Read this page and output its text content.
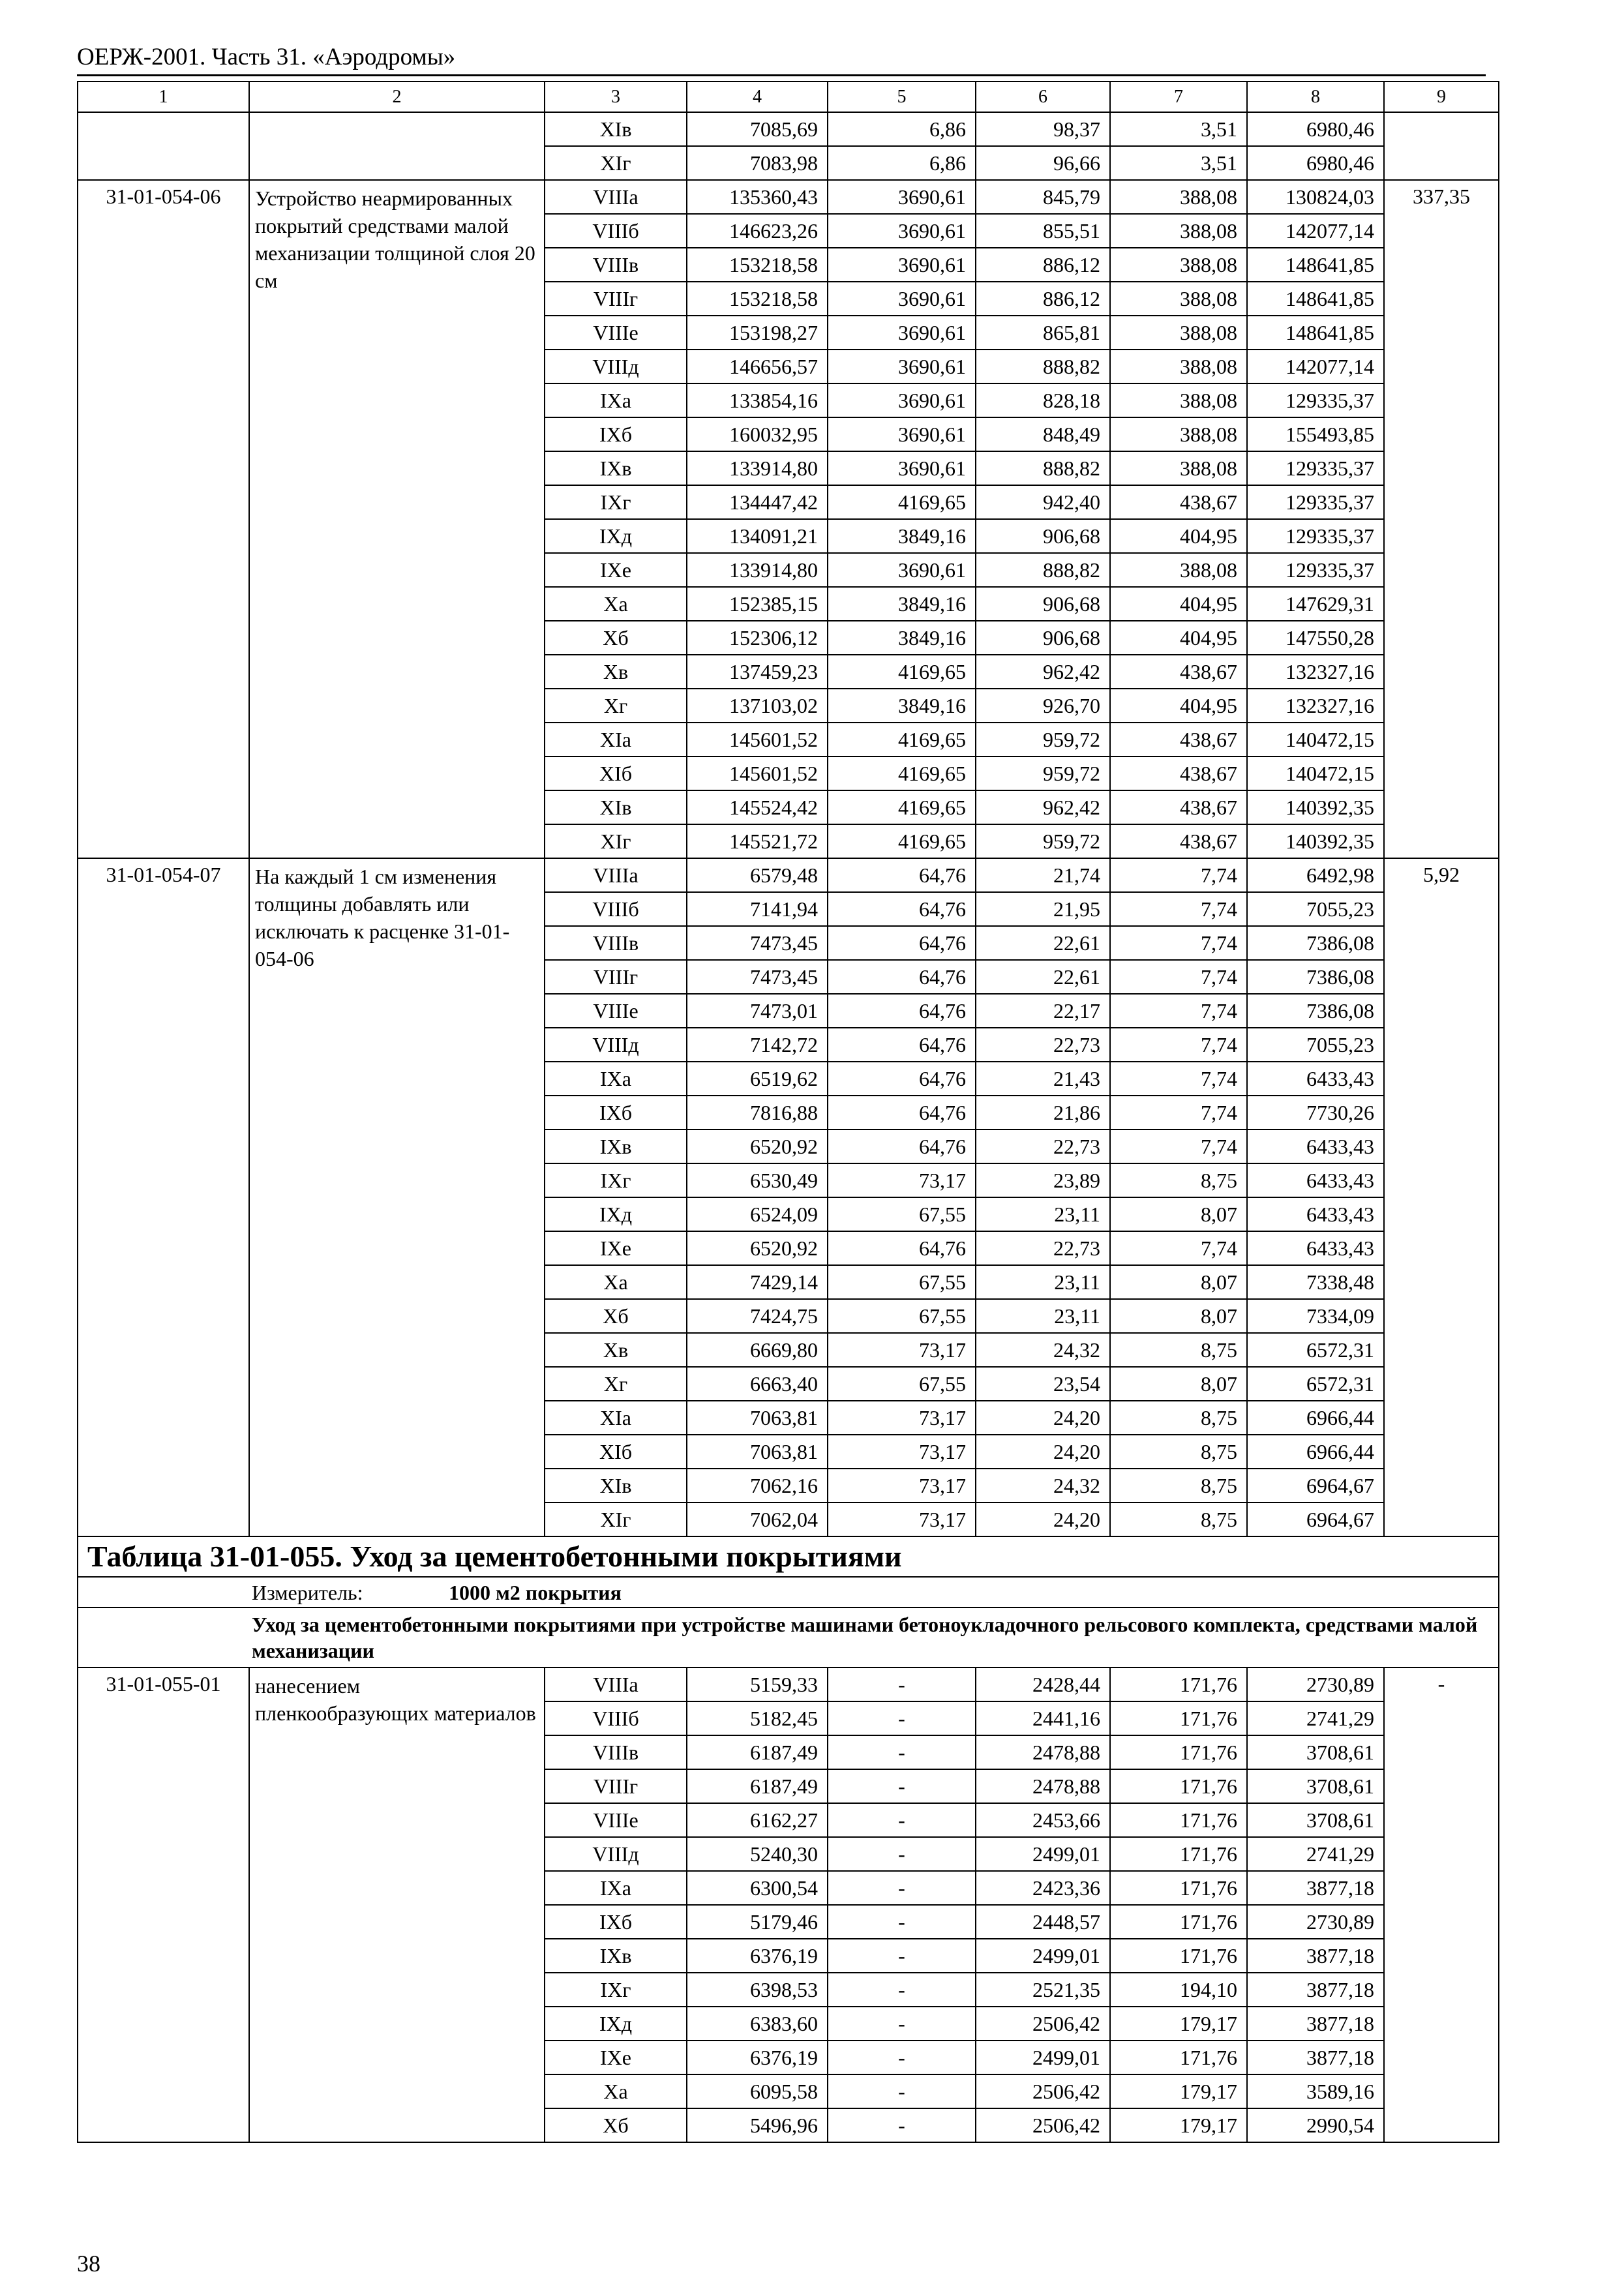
ОЕРЖ-2001. Часть 31. «Аэродромы»
1	2	3	4	5	6	7	8	9
		XIв	7085,69	6,86	98,37	3,51	6980,46	
		XIг	7083,98	6,86	96,66	3,51	6980,46	
31-01-054-06	Устройство неармированных покрытий средствами малой механизации толщиной слоя 20 см	VIIIa	135360,43	3690,61	845,79	388,08	130824,03	337,35
		VIIIб	146623,26	3690,61	855,51	388,08	142077,14	
		VIIIв	153218,58	3690,61	886,12	388,08	148641,85	
		VIIIг	153218,58	3690,61	886,12	388,08	148641,85	
		VIIIе	153198,27	3690,61	865,81	388,08	148641,85	
		VIIIд	146656,57	3690,61	888,82	388,08	142077,14	
		IXa	133854,16	3690,61	828,18	388,08	129335,37	
		IXб	160032,95	3690,61	848,49	388,08	155493,85	
		IXв	133914,80	3690,61	888,82	388,08	129335,37	
		IXг	134447,42	4169,65	942,40	438,67	129335,37	
		IXд	134091,21	3849,16	906,68	404,95	129335,37	
		IXе	133914,80	3690,61	888,82	388,08	129335,37	
		Xa	152385,15	3849,16	906,68	404,95	147629,31	
		Xб	152306,12	3849,16	906,68	404,95	147550,28	
		Xв	137459,23	4169,65	962,42	438,67	132327,16	
		Xг	137103,02	3849,16	926,70	404,95	132327,16	
		XIa	145601,52	4169,65	959,72	438,67	140472,15	
		XIб	145601,52	4169,65	959,72	438,67	140472,15	
		XIв	145524,42	4169,65	962,42	438,67	140392,35	
		XIг	145521,72	4169,65	959,72	438,67	140392,35	
31-01-054-07	На каждый 1 см изменения толщины добавлять или исключать к расценке 31-01-054-06	VIIIa	6579,48	64,76	21,74	7,74	6492,98	5,92
		VIIIб	7141,94	64,76	21,95	7,74	7055,23	
		VIIIв	7473,45	64,76	22,61	7,74	7386,08	
		VIIIг	7473,45	64,76	22,61	7,74	7386,08	
		VIIIе	7473,01	64,76	22,17	7,74	7386,08	
		VIIIд	7142,72	64,76	22,73	7,74	7055,23	
		IXa	6519,62	64,76	21,43	7,74	6433,43	
		IXб	7816,88	64,76	21,86	7,74	7730,26	
		IXв	6520,92	64,76	22,73	7,74	6433,43	
		IXг	6530,49	73,17	23,89	8,75	6433,43	
		IXд	6524,09	67,55	23,11	8,07	6433,43	
		IXе	6520,92	64,76	22,73	7,74	6433,43	
		Xa	7429,14	67,55	23,11	8,07	7338,48	
		Xб	7424,75	67,55	23,11	8,07	7334,09	
		Xв	6669,80	73,17	24,32	8,75	6572,31	
		Xг	6663,40	67,55	23,54	8,07	6572,31	
		XIa	7063,81	73,17	24,20	8,75	6966,44	
		XIб	7063,81	73,17	24,20	8,75	6966,44	
		XIв	7062,16	73,17	24,32	8,75	6964,67	
		XIг	7062,04	73,17	24,20	8,75	6964,67	
Таблица 31-01-055. Уход за цементобетонными покрытиями								
Измеритель: 1000 м2 покрытия								

Уход за цементобетонными покрытиями при устройстве машинами бетоноукладочного рельсового комплекта, средствами малой механизации								

31-01-055-01	нанесением пленкообразующих материалов	VIIIa	5159,33	-	2428,44	171,76	2730,89	-
		VIIIб	5182,45	-	2441,16	171,76	2741,29	
		VIIIв	6187,49	-	2478,88	171,76	3708,61	
		VIIIг	6187,49	-	2478,88	171,76	3708,61	
		VIIIе	6162,27	-	2453,66	171,76	3708,61	
		VIIIд	5240,30	-	2499,01	171,76	2741,29	
		IXa	6300,54	-	2423,36	171,76	3877,18	
		IXб	5179,46	-	2448,57	171,76	2730,89	
		IXв	6376,19	-	2499,01	171,76	3877,18	
		IXг	6398,53	-	2521,35	194,10	3877,18	
		IXд	6383,60	-	2506,42	179,17	3877,18	
		IXе	6376,19	-	2499,01	171,76	3877,18	
		Xa	6095,58	-	2506,42	179,17	3589,16	
		Xб	5496,96	-	2506,42	179,17	2990,54	
38
